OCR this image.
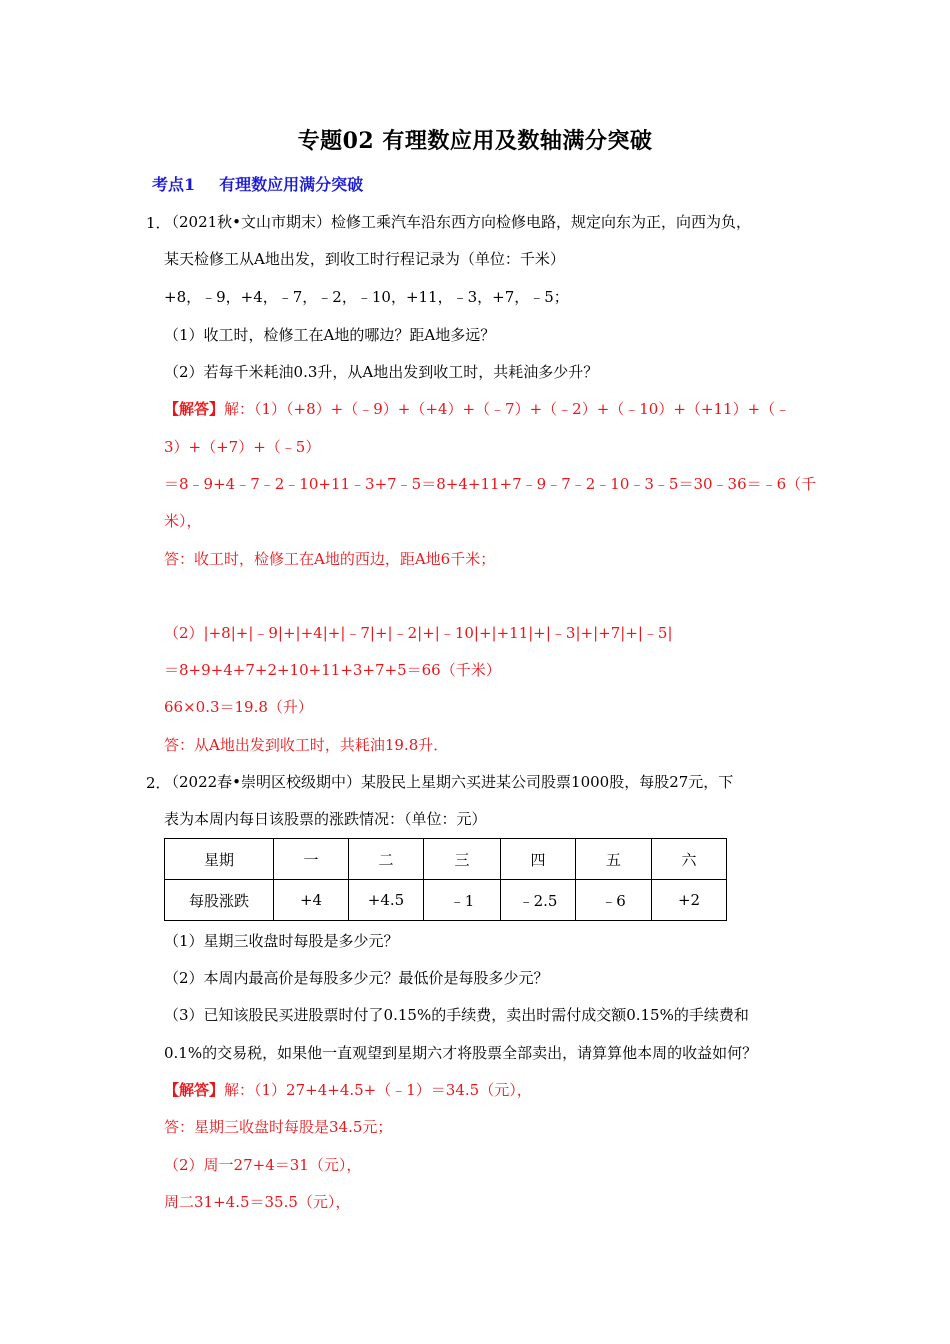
专题02 有理数应用及数轴满分突破
考点1 有理数应用满分突破
1．
（2021秋•文山市期末）检修工乘汽车沿东西方向检修电路，规定向东为正，向西为负，
某天检修工从A地出发，到收工时行程记录为（单位：千米）
+8，﹣9，+4，﹣7，﹣2，﹣10，+11，﹣3，+7，﹣5；
（1）收工时，检修工在A地的哪边？距A地多远？
（2）若每千米耗油0.3升，从A地出发到收工时，共耗油多少升？
【解答】解：（1）（+8）+（﹣9）+（+4）+（﹣7）+（﹣2）+（﹣10）+（+11）+（﹣
3）+（+7）+（﹣5）
＝8﹣9+4﹣7﹣2﹣10+11﹣3+7﹣5＝8+4+11+7﹣9﹣7﹣2﹣10﹣3﹣5＝30﹣36＝﹣6（千
米），
答：收工时，检修工在A地的西边，距A地6千米；
（2）|+8|+|﹣9|+|+4|+|﹣7|+|﹣2|+|﹣10|+|+11|+|﹣3|+|+7|+|﹣5|
＝8+9+4+7+2+10+11+3+7+5＝66（千米）
66×0.3＝19.8（升）
答：从A地出发到收工时，共耗油19.8升．
2．
（2022春•崇明区校级期中）某股民上星期六买进某公司股票1000股，每股27元，下
表为本周内每日该股票的涨跌情况：（单位：元）
星期	一	二	三	四	五	六
每股涨跌	+4	+4.5	﹣1	﹣2.5	﹣6	+2
（1）星期三收盘时每股是多少元？
（2）本周内最高价是每股多少元？最低价是每股多少元？
（3）已知该股民买进股票时付了0.15%的手续费，卖出时需付成交额0.15%的手续费和
0.1%的交易税，如果他一直观望到星期六才将股票全部卖出，请算算他本周的收益如何？
【解答】解：（1）27+4+4.5+（﹣1）＝34.5（元），
答：星期三收盘时每股是34.5元；
（2）周一27+4＝31（元），
周二31+4.5＝35.5（元），
